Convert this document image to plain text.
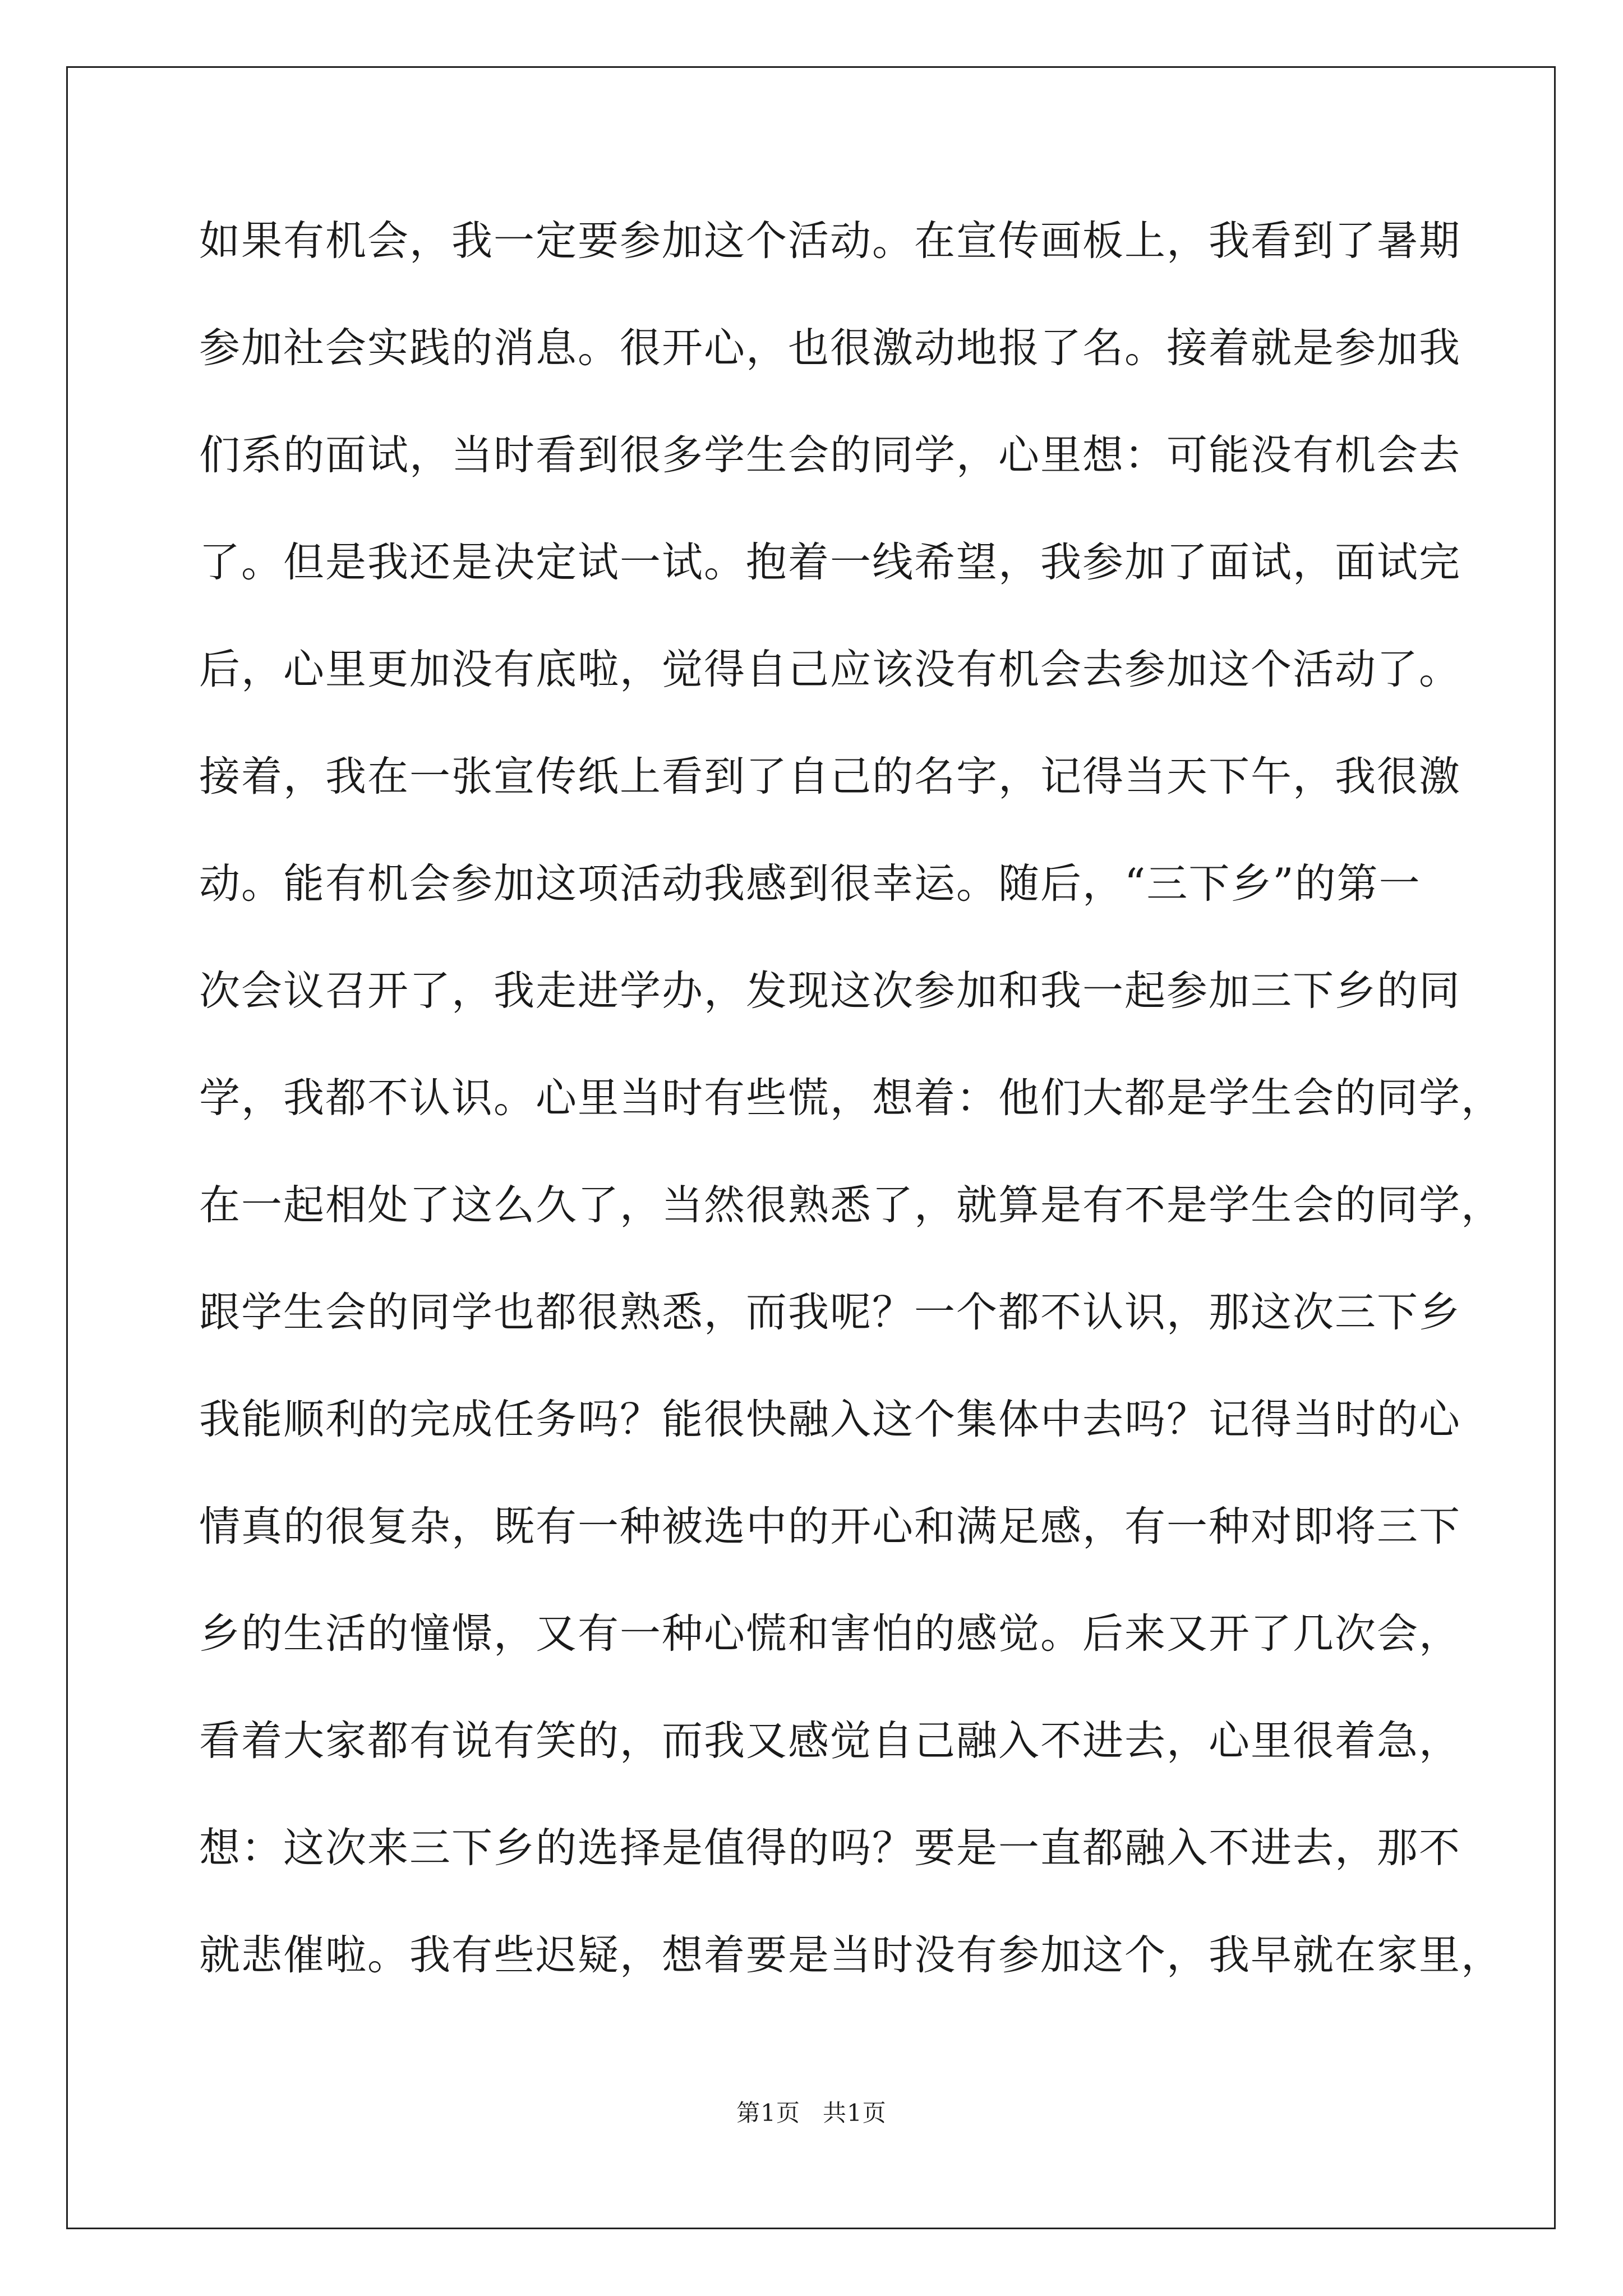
如果有机会，我一定要参加这个活动。在宣传画板上，我看到了暑期
参加社会实践的消息。很开心，也很激动地报了名。接着就是参加我
们系的面试，当时看到很多学生会的同学，心里想：可能没有机会去
了。但是我还是决定试一试。抱着一线希望，我参加了面试，面试完
后，心里更加没有底啦，觉得自己应该没有机会去参加这个活动了。
接着，我在一张宣传纸上看到了自己的名字，记得当天下午，我很激
动。能有机会参加这项活动我感到很幸运。随后，“三下乡”的第一
次会议召开了，我走进学办，发现这次参加和我一起参加三下乡的同
学，我都不认识。心里当时有些慌，想着：他们大都是学生会的同学，
在一起相处了这么久了，当然很熟悉了，就算是有不是学生会的同学，
跟学生会的同学也都很熟悉，而我呢？一个都不认识，那这次三下乡
我能顺利的完成任务吗？能很快融入这个集体中去吗？记得当时的心
情真的很复杂，既有一种被选中的开心和满足感，有一种对即将三下
乡的生活的憧憬，又有一种心慌和害怕的感觉。后来又开了几次会，
看着大家都有说有笑的，而我又感觉自己融入不进去，心里很着急，
想：这次来三下乡的选择是值得的吗？要是一直都融入不进去，那不
就悲催啦。我有些迟疑，想着要是当时没有参加这个，我早就在家里，
第1页 共1页
